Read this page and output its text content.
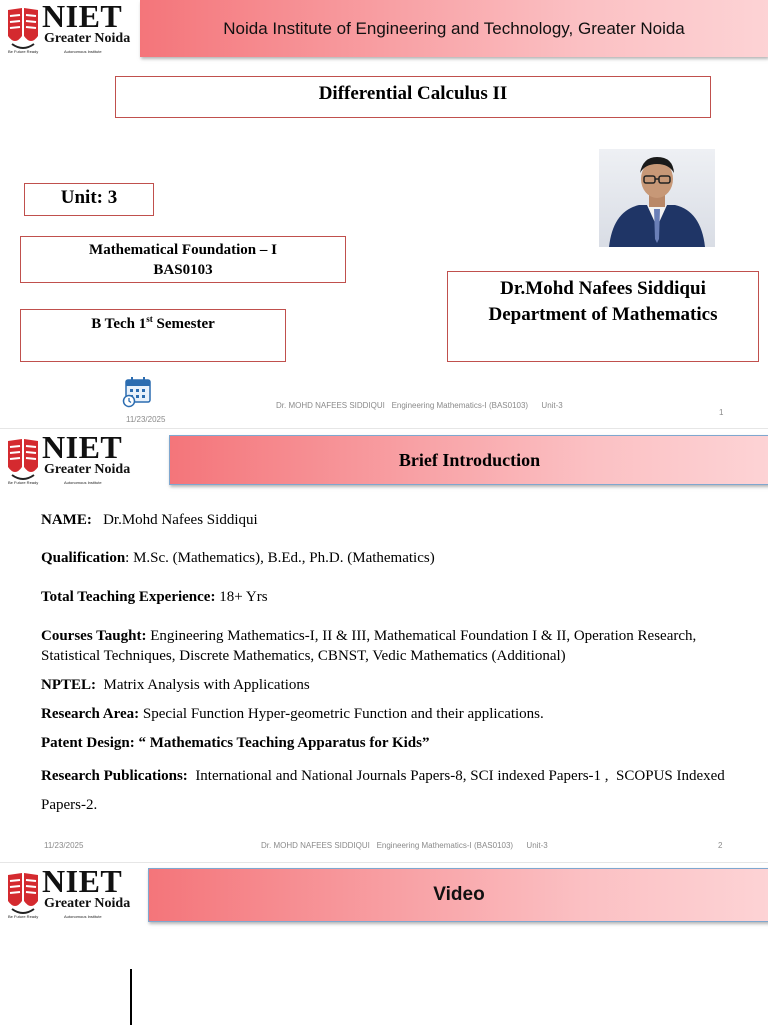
NIET
Greater Noida
Be Future Ready	Autonomous Institute
Noida Institute of Engineering and Technology, Greater Noida
Differential Calculus II
Unit: 3
Mathematical Foundation – I
BAS0103
B Tech 1st Semester
Dr.Mohd Nafees Siddiqui
Department of Mathematics
11/23/2025
Dr. MOHD NAFEES SIDDIQUI   Engineering Mathematics-I (BAS0103)      Unit-3
1
NIET
Greater Noida
Be Future Ready	Autonomous Institute
Brief Introduction
NAME:   Dr.Mohd Nafees Siddiqui
Qualification: M.Sc. (Mathematics), B.Ed., Ph.D. (Mathematics)
Total Teaching Experience: 18+ Yrs
Courses Taught: Engineering Mathematics-I, II & III, Mathematical Foundation I & II, Operation Research, Statistical Techniques, Discrete Mathematics, CBNST, Vedic Mathematics (Additional)
NPTEL:  Matrix Analysis with Applications
Research Area: Special Function Hyper-geometric Function and their applications.
Patent Design: “ Mathematics Teaching Apparatus for Kids”
Research Publications:  International and National Journals Papers-8, SCI indexed Papers-1 ,  SCOPUS Indexed Papers-2.
11/23/2025	Dr. MOHD NAFEES SIDDIQUI   Engineering Mathematics-I (BAS0103)      Unit-3	2
NIET
Greater Noida
Be Future Ready	Autonomous Institute
Video
